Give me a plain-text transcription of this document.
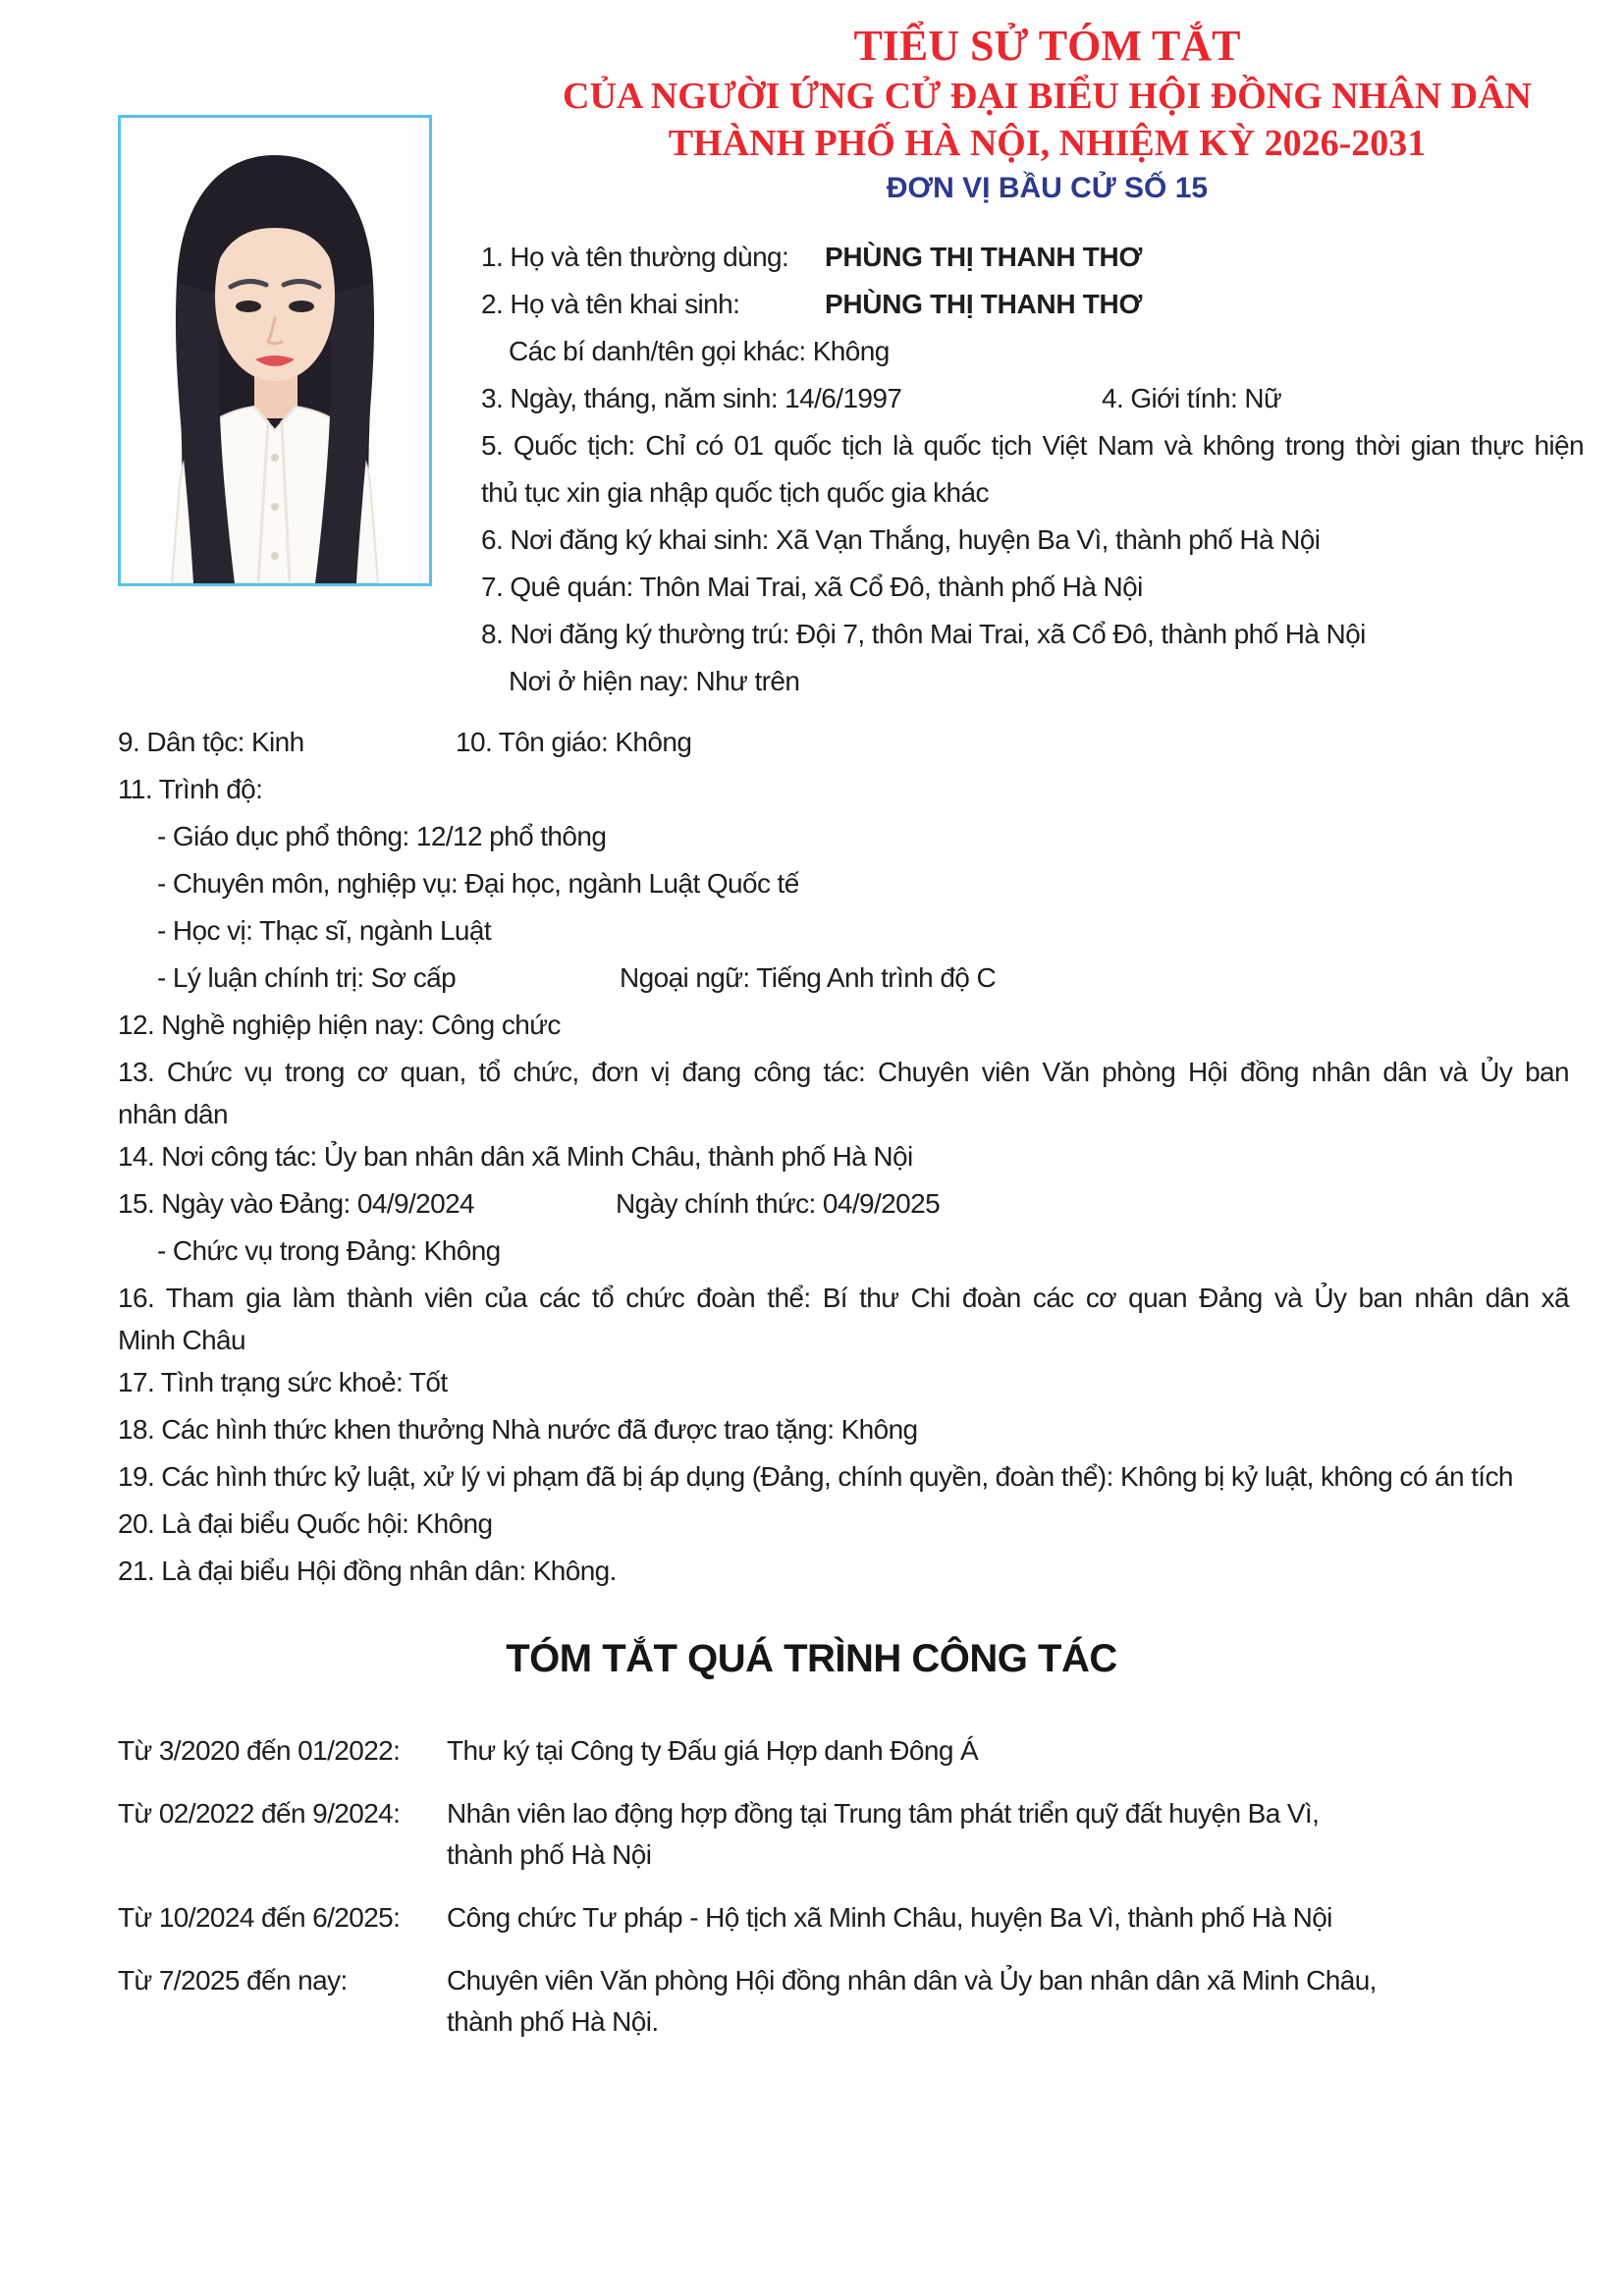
TIỂU SỬ TÓM TẮT
CỦA NGƯỜI ỨNG CỬ ĐẠI BIỂU HỘI ĐỒNG NHÂN DÂN
THÀNH PHỐ HÀ NỘI, NHIỆM KỲ 2026-2031
ĐƠN VỊ BẦU CỬ SỐ 15
1. Họ và tên thường dùng: PHÙNG THỊ THANH THƠ
2. Họ và tên khai sinh:	PHÙNG THỊ THANH THƠ
Các bí danh/tên gọi khác: Không
3. Ngày, tháng, năm sinh: 14/6/1997	4. Giới tính: Nữ
5. Quốc tịch: Chỉ có 01 quốc tịch là quốc tịch Việt Nam và không trong thời gian thực hiện
thủ tục xin gia nhập quốc tịch quốc gia khác
6. Nơi đăng ký khai sinh: Xã Vạn Thắng, huyện Ba Vì, thành phố Hà Nội
7. Quê quán: Thôn Mai Trai, xã Cổ Đô, thành phố Hà Nội
8. Nơi đăng ký thường trú: Đội 7, thôn Mai Trai, xã Cổ Đô, thành phố Hà Nội
Nơi ở hiện nay: Như trên
9. Dân tộc: Kinh	10. Tôn giáo: Không
11. Trình độ:
- Giáo dục phổ thông: 12/12 phổ thông
- Chuyên môn, nghiệp vụ: Đại học, ngành Luật Quốc tế
- Học vị: Thạc sĩ, ngành Luật
- Lý luận chính trị: Sơ cấp	Ngoại ngữ: Tiếng Anh trình độ C
12. Nghề nghiệp hiện nay: Công chức
13. Chức vụ trong cơ quan, tổ chức, đơn vị đang công tác: Chuyên viên Văn phòng Hội đồng nhân dân và Ủy ban
nhân dân
14. Nơi công tác: Ủy ban nhân dân xã Minh Châu, thành phố Hà Nội
15. Ngày vào Đảng: 04/9/2024	Ngày chính thức: 04/9/2025
- Chức vụ trong Đảng: Không
16. Tham gia làm thành viên của các tổ chức đoàn thể: Bí thư Chi đoàn các cơ quan Đảng và Ủy ban nhân dân xã
Minh Châu
17. Tình trạng sức khoẻ: Tốt
18. Các hình thức khen thưởng Nhà nước đã được trao tặng: Không
19. Các hình thức kỷ luật, xử lý vi phạm đã bị áp dụng (Đảng, chính quyền, đoàn thể): Không bị kỷ luật, không có án tích
20. Là đại biểu Quốc hội: Không
21. Là đại biểu Hội đồng nhân dân: Không.
TÓM TẮT QUÁ TRÌNH CÔNG TÁC
Từ 3/2020 đến 01/2022:	Thư ký tại Công ty Đấu giá Hợp danh Đông Á
Từ 02/2022 đến 9/2024:	Nhân viên lao động hợp đồng tại Trung tâm phát triển quỹ đất huyện Ba Vì,
thành phố Hà Nội
Từ 10/2024 đến 6/2025:	Công chức Tư pháp - Hộ tịch xã Minh Châu, huyện Ba Vì, thành phố Hà Nội
Từ 7/2025 đến nay:	Chuyên viên Văn phòng Hội đồng nhân dân và Ủy ban nhân dân xã Minh Châu,
thành phố Hà Nội.
